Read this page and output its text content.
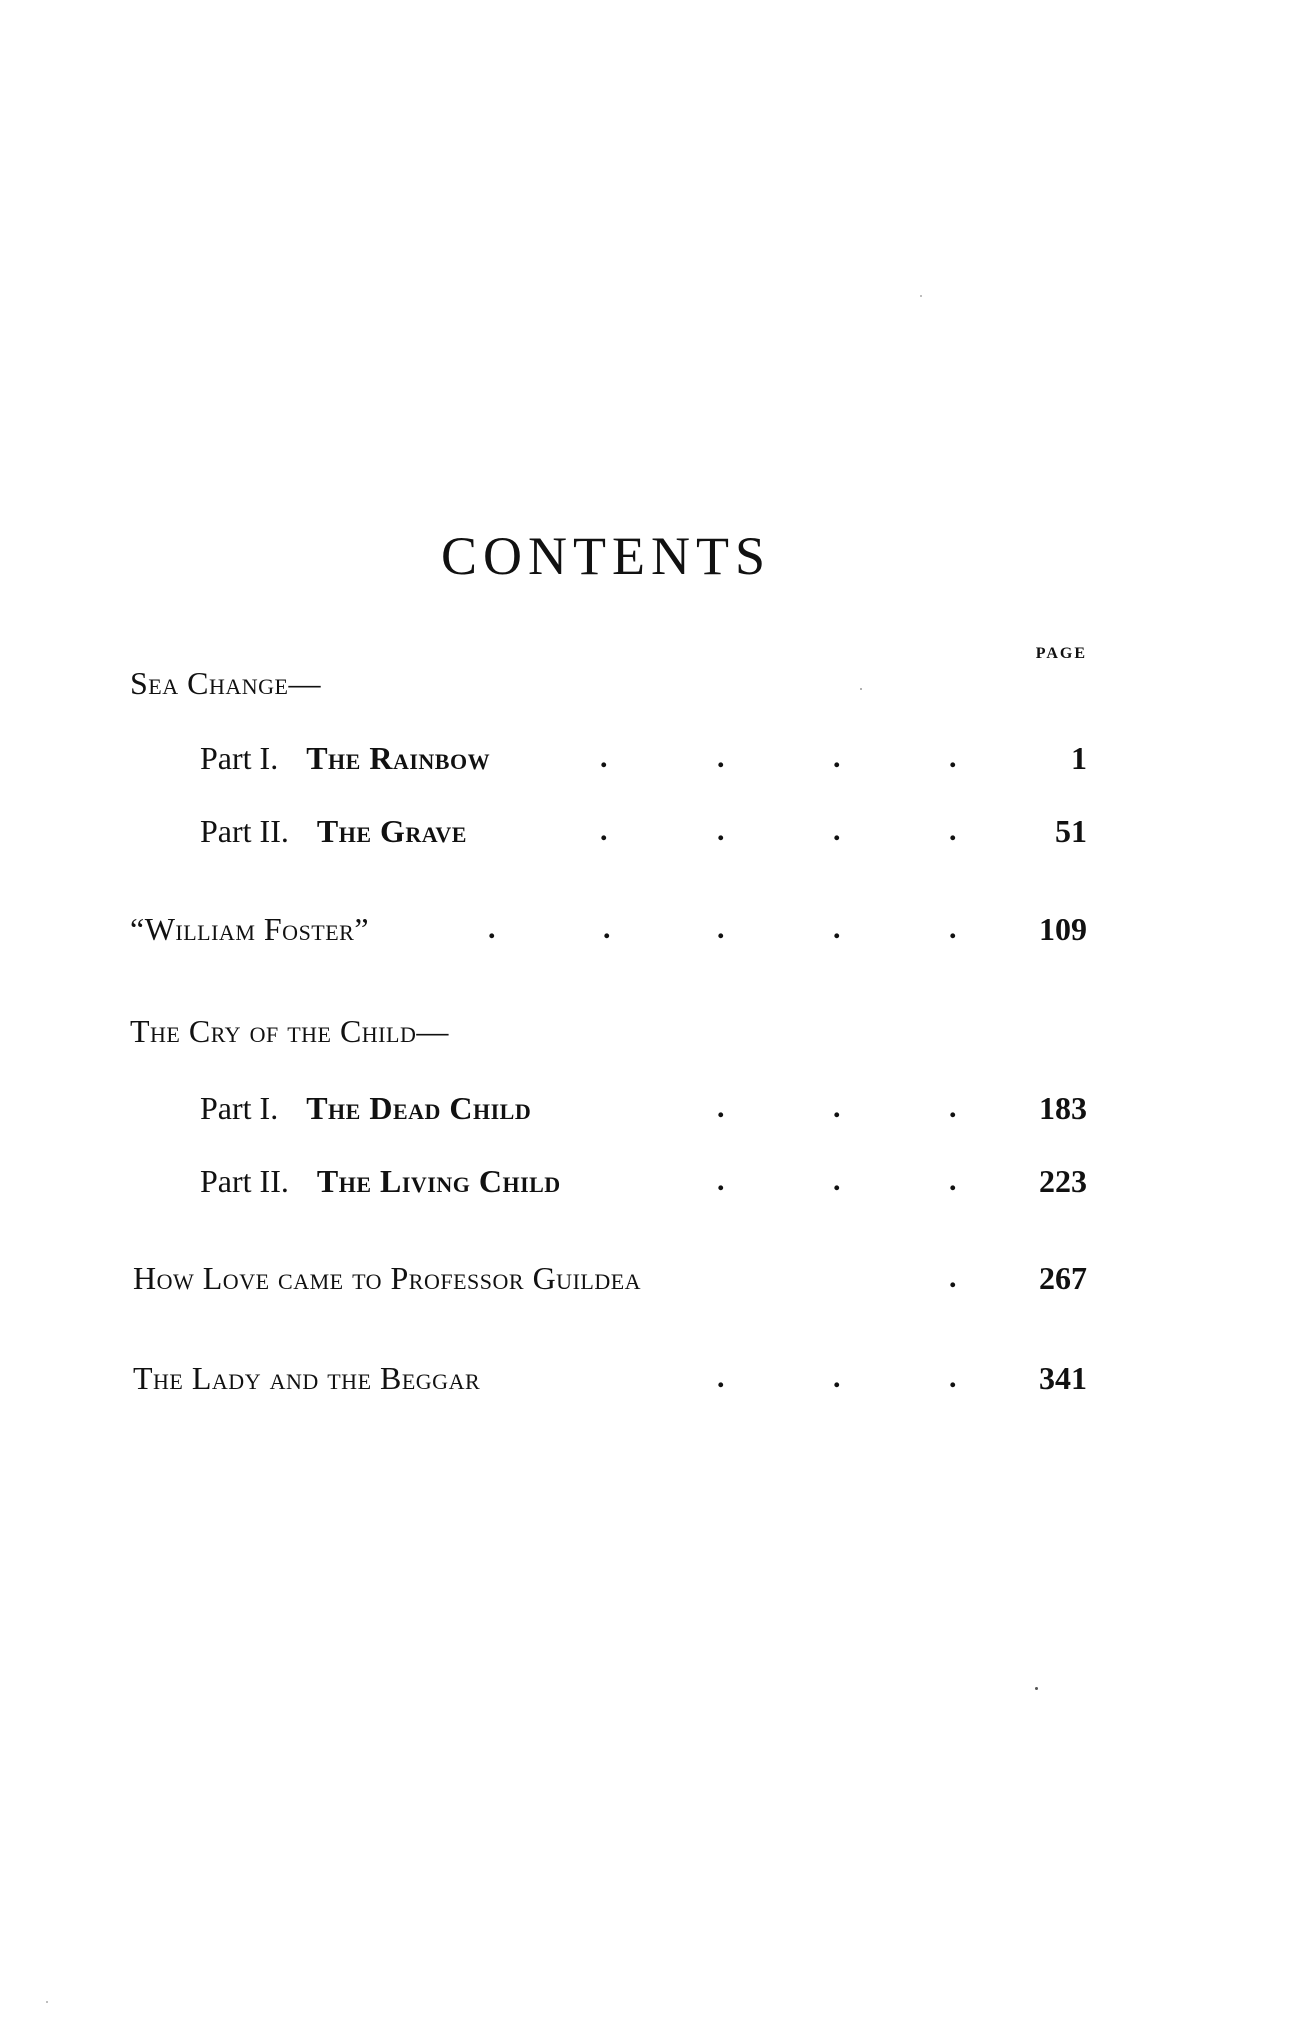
CONTENTS
PAGE
Sea Change—
Part I. The Rainbow	.	.	.	.	1
Part II. The Grave	.	.	.	.	51
“William Foster”	.	.	.	.	.	109
The Cry of the Child—
Part I. The Dead Child	.	.	.	183
Part II. The Living Child	.	.	.	223
How Love came to Professor Guildea	.	267
The Lady and the Beggar	.	.	.	341
